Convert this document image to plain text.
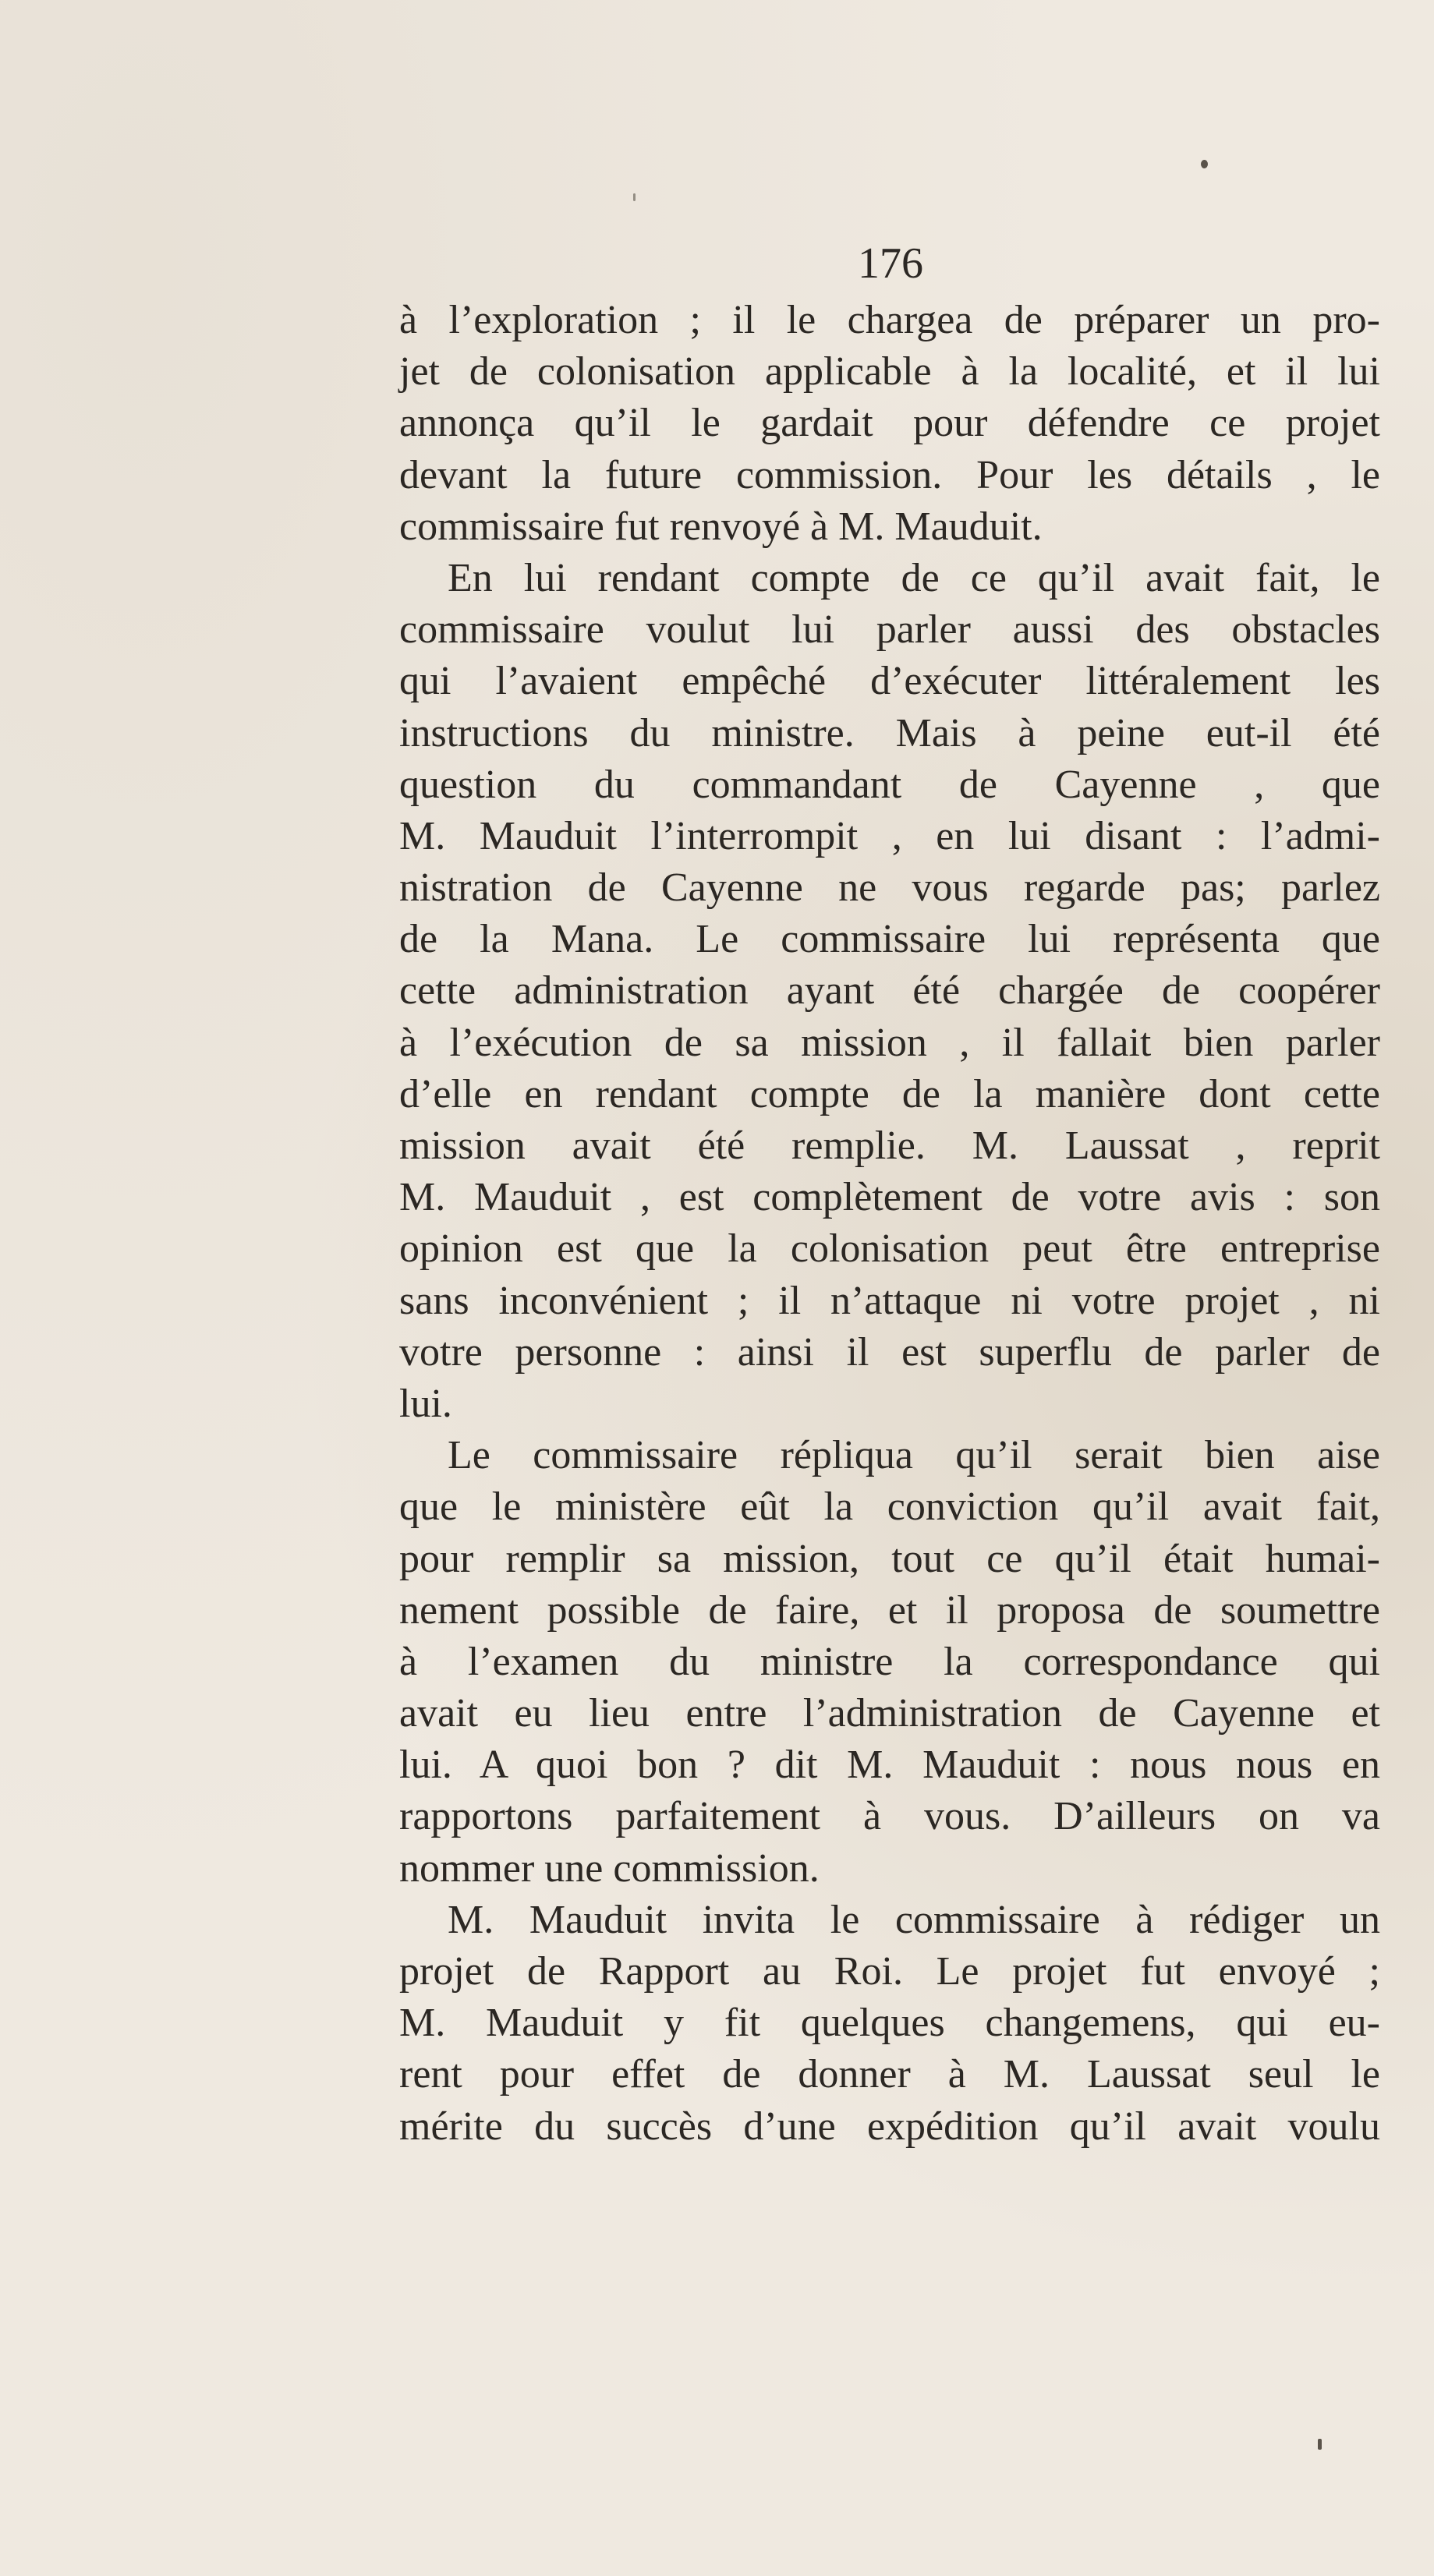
176
à l’exploration ; il le chargea de préparer un pro-
jet de colonisation applicable à la localité, et il lui
annonça qu’il le gardait pour défendre ce projet
devant la future commission. Pour les détails , le
commissaire fut renvoyé à M. Mauduit.
En lui rendant compte de ce qu’il avait fait, le
commissaire voulut lui parler aussi des obstacles
qui l’avaient empêché d’exécuter littéralement les
instructions du ministre. Mais à peine eut-il été
question du commandant de Cayenne , que
M. Mauduit l’interrompit , en lui disant : l’admi-
nistration de Cayenne ne vous regarde pas; parlez
de la Mana. Le commissaire lui représenta que
cette administration ayant été chargée de coopérer
à l’exécution de sa mission , il fallait bien parler
d’elle en rendant compte de la manière dont cette
mission avait été remplie. M. Laussat , reprit
M. Mauduit , est complètement de votre avis : son
opinion est que la colonisation peut être entreprise
sans inconvénient ; il n’attaque ni votre projet , ni
votre personne : ainsi il est superflu de parler de
lui.
Le commissaire répliqua qu’il serait bien aise
que le ministère eût la conviction qu’il avait fait,
pour remplir sa mission, tout ce qu’il était humai-
nement possible de faire, et il proposa de soumettre
à l’examen du ministre la correspondance qui
avait eu lieu entre l’administration de Cayenne et
lui. A quoi bon ? dit M. Mauduit : nous nous en
rapportons parfaitement à vous. D’ailleurs on va
nommer une commission.
M. Mauduit invita le commissaire à rédiger un
projet de Rapport au Roi. Le projet fut envoyé ;
M. Mauduit y fit quelques changemens, qui eu-
rent pour effet de donner à M. Laussat seul le
mérite du succès d’une expédition qu’il avait voulu
